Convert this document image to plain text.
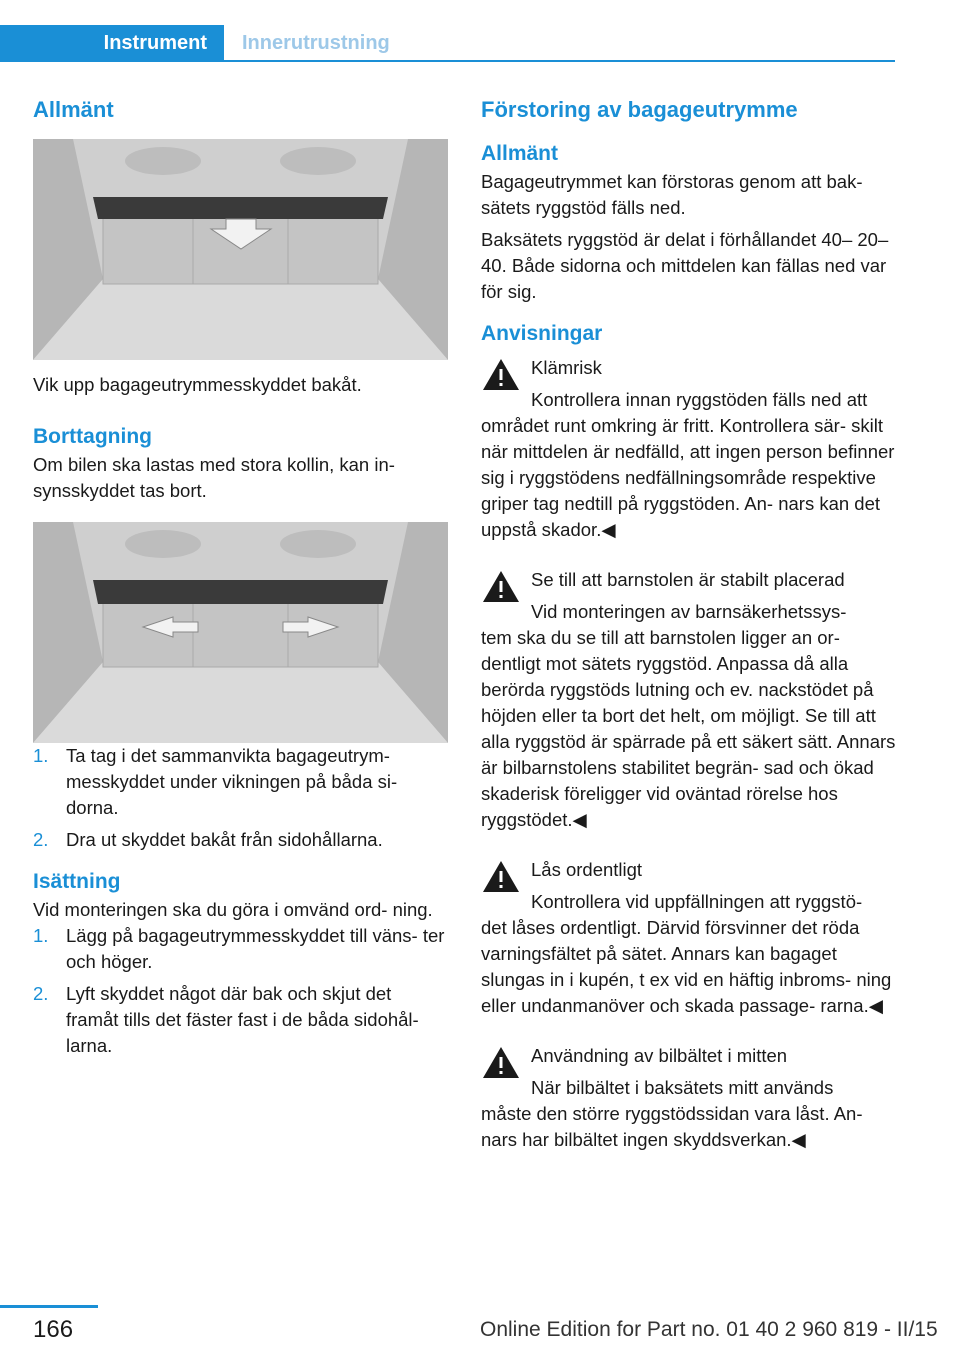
Instrument	Innerutrustning
Allmänt

Vik upp bagageutrymmesskyddet bakåt.

Borttagning

Om bilen ska lastas med stora kollin, kan in‐ synsskyddet tas bort.

1. Ta tag i det sammanvikta bagageutrym‐ messkyddet under vikningen på båda si‐ dorna.
2. Dra ut skyddet bakåt från sidohållarna.
Isättning

Vid monteringen ska du göra i omvänd ord‐ ning.

1. Lägg på bagageutrymmesskyddet till väns‐ ter och höger.
2. Lyft skyddet något där bak och skjut det framåt tills det fäster fast i de båda sidohål‐ larna.
Förstoring av bagageutrymme
Allmänt

Bagageutrymmet kan förstoras genom att bak‐ sätets ryggstöd fälls ned.

Baksätets ryggstöd är delat i förhållandet 40– 20–40. Både sidorna och mittdelen kan fällas ned var för sig.

Anvisningar

Klämrisk

Kontrollera innan ryggstöden fälls ned att
området runt omkring är fritt. Kontrollera sär‐ skilt när mittdelen är nedfälld, att ingen person befinner sig i ryggstödens nedfällningsområde respektive griper tag nedtill på ryggstöden. An‐ nars kan det uppstå skador.◀

Se till att barnstolen är stabilt placerad

Vid monteringen av barnsäkerhetssys‐
tem ska du se till att barnstolen ligger an or‐ dentligt mot sätets ryggstöd. Anpassa då alla berörda ryggstöds lutning och ev. nackstödet på höjden eller ta bort det helt, om möjligt. Se till att alla ryggstöd är spärrade på ett säkert sätt. Annars är bilbarnstolens stabilitet begrän‐ sad och ökad skaderisk föreligger vid oväntad rörelse hos ryggstödet.◀

Lås ordentligt

Kontrollera vid uppfällningen att ryggstö‐
det låses ordentligt. Därvid försvinner det röda varningsfältet på sätet. Annars kan bagaget slungas in i kupén, t ex vid en häftig inbroms‐ ning eller undanmanöver och skada passage‐ rarna.◀

Användning av bilbältet i mitten

När bilbältet i baksätets mitt används
måste den större ryggstödssidan vara låst. An‐ nars har bilbältet ingen skyddsverkan.◀

166	Online Edition for Part no. 01 40 2 960 819 - II/15
